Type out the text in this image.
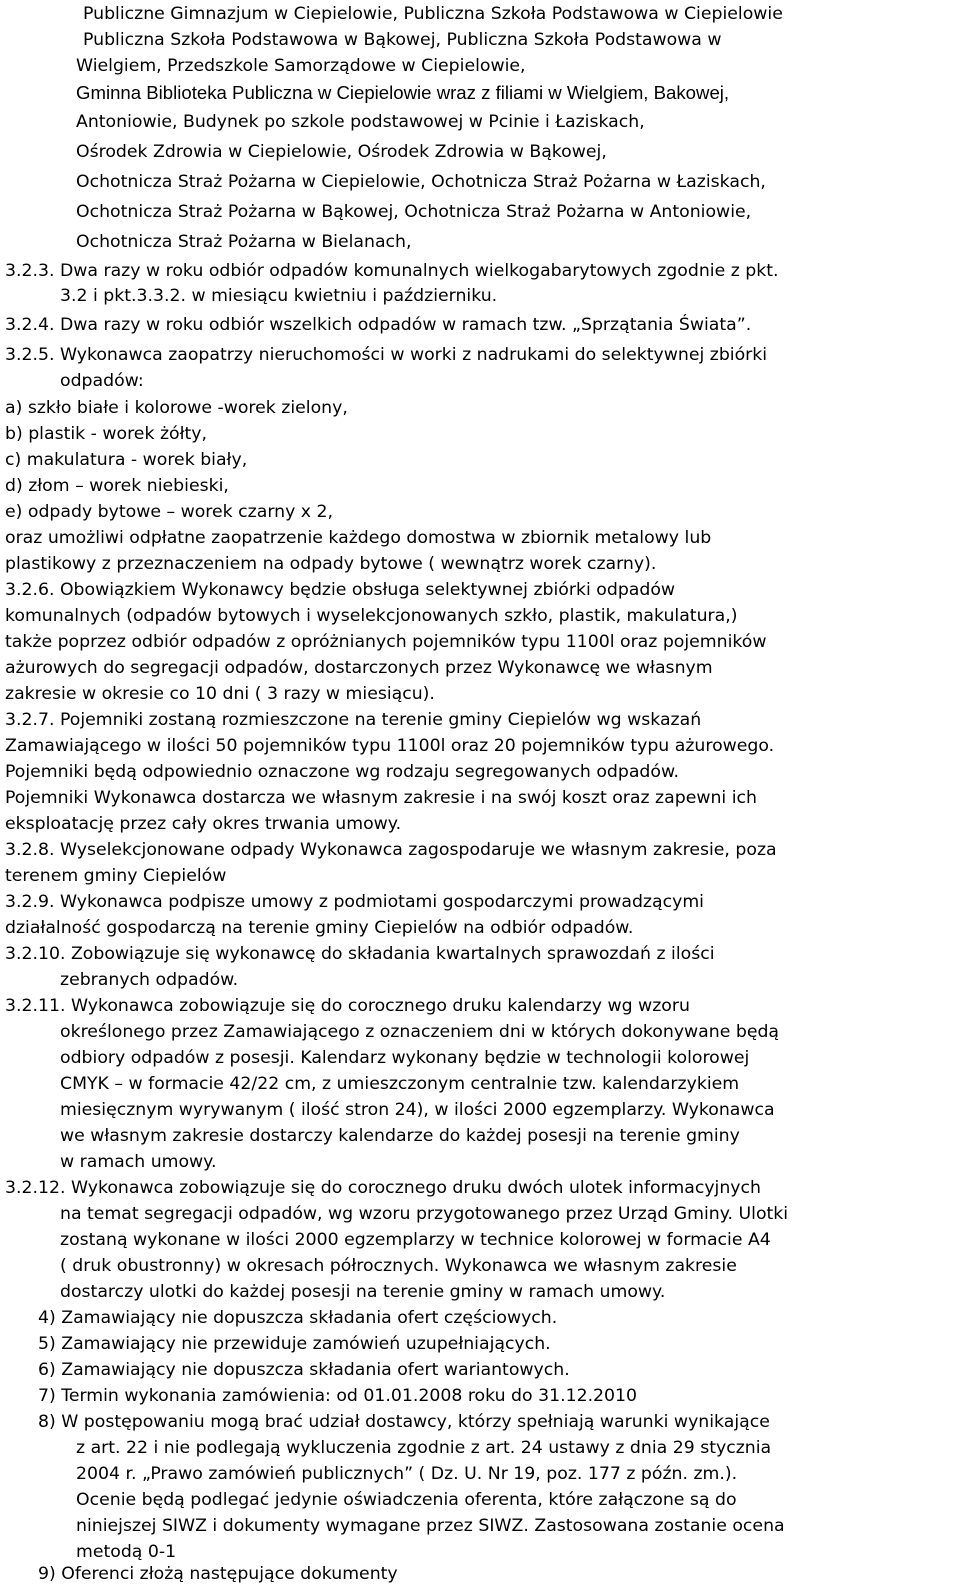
Publiczne Gimnazjum w Ciepielowie, Publiczna Szkoła Podstawowa w Ciepielowie

Publiczna Szkoła Podstawowa w Bąkowej, Publiczna Szkoła Podstawowa w

Wielgiem, Przedszkole Samorządowe w Ciepielowie,

Gminna Biblioteka Publiczna w Ciepielowie wraz z filiami w Wielgiem, Bakowej,

Antoniowie, Budynek po szkole podstawowej w Pcinie i Łaziskach,

Ośrodek Zdrowia w Ciepielowie, Ośrodek Zdrowia w Bąkowej,

Ochotnicza Straż Pożarna w Ciepielowie, Ochotnicza Straż Pożarna w Łaziskach,

Ochotnicza Straż Pożarna w Bąkowej, Ochotnicza Straż Pożarna w Antoniowie,

Ochotnicza Straż Pożarna w Bielanach,

3.2.3. Dwa razy w roku odbiór odpadów komunalnych wielkogabarytowych zgodnie z pkt.

3.2 i pkt.3.3.2. w miesiącu kwietniu i październiku.

3.2.4. Dwa razy w roku odbiór wszelkich odpadów w ramach tzw. „Sprzątania Świata”.

3.2.5. Wykonawca zaopatrzy nieruchomości w worki z nadrukami do selektywnej zbiórki

odpadów:

a) szkło białe i kolorowe -worek zielony,

b) plastik - worek żółty,

c) makulatura - worek biały,

d) złom – worek niebieski,

e) odpady bytowe – worek czarny x 2,

oraz umożliwi odpłatne zaopatrzenie każdego domostwa w zbiornik metalowy lub

plastikowy z przeznaczeniem na odpady bytowe ( wewnątrz worek czarny).

3.2.6. Obowiązkiem Wykonawcy będzie obsługa selektywnej zbiórki odpadów

komunalnych (odpadów bytowych i wyselekcjonowanych szkło, plastik, makulatura,)

także poprzez odbiór odpadów z opróżnianych pojemników typu 1100l oraz pojemników

ażurowych do segregacji odpadów, dostarczonych przez Wykonawcę we własnym

zakresie w okresie co 10 dni ( 3 razy w miesiącu).

3.2.7. Pojemniki zostaną rozmieszczone na terenie gminy Ciepielów wg wskazań

Zamawiającego w ilości 50 pojemników typu 1100l oraz 20 pojemników typu ażurowego.

Pojemniki będą odpowiednio oznaczone wg rodzaju segregowanych odpadów.

Pojemniki Wykonawca dostarcza we własnym zakresie i na swój koszt oraz zapewni ich

eksploatację przez cały okres trwania umowy.

3.2.8. Wyselekcjonowane odpady Wykonawca zagospodaruje we własnym zakresie, poza

terenem gminy Ciepielów

3.2.9. Wykonawca podpisze umowy z podmiotami gospodarczymi prowadzącymi

działalność gospodarczą na terenie gminy Ciepielów na odbiór odpadów.

3.2.10. Zobowiązuje się wykonawcę do składania kwartalnych sprawozdań z ilości

zebranych odpadów.

3.2.11. Wykonawca zobowiązuje się do corocznego druku kalendarzy wg wzoru

określonego przez Zamawiającego z oznaczeniem dni w których dokonywane będą

odbiory odpadów z posesji. Kalendarz wykonany będzie w technologii kolorowej

CMYK – w formacie 42/22 cm, z umieszczonym centralnie tzw. kalendarzykiem

miesięcznym wyrywanym ( ilość stron 24), w ilości 2000 egzemplarzy. Wykonawca

we własnym zakresie dostarczy kalendarze do każdej posesji na terenie gminy

w ramach umowy.

3.2.12. Wykonawca zobowiązuje się do corocznego druku dwóch ulotek informacyjnych

na temat segregacji odpadów, wg wzoru przygotowanego przez Urząd Gminy. Ulotki

zostaną wykonane w ilości 2000 egzemplarzy w technice kolorowej w formacie A4

( druk obustronny) w okresach półrocznych. Wykonawca we własnym zakresie

dostarczy ulotki do każdej posesji na terenie gminy w ramach umowy.

4) Zamawiający nie dopuszcza składania ofert częściowych.

5) Zamawiający nie przewiduje zamówień uzupełniających.

6) Zamawiający nie dopuszcza składania ofert wariantowych.

7) Termin wykonania zamówienia: od 01.01.2008 roku do 31.12.2010

8) W postępowaniu mogą brać udział dostawcy, którzy spełniają warunki wynikające

z art. 22 i nie podlegają wykluczenia zgodnie z art. 24 ustawy z dnia 29 stycznia

2004 r. „Prawo zamówień publicznych” ( Dz. U. Nr 19, poz. 177 z późn. zm.).

Ocenie będą podlegać jedynie oświadczenia oferenta, które załączone są do

niniejszej SIWZ i dokumenty wymagane przez SIWZ. Zastosowana zostanie ocena

metodą 0-1

9) Oferenci złożą następujące dokumenty
